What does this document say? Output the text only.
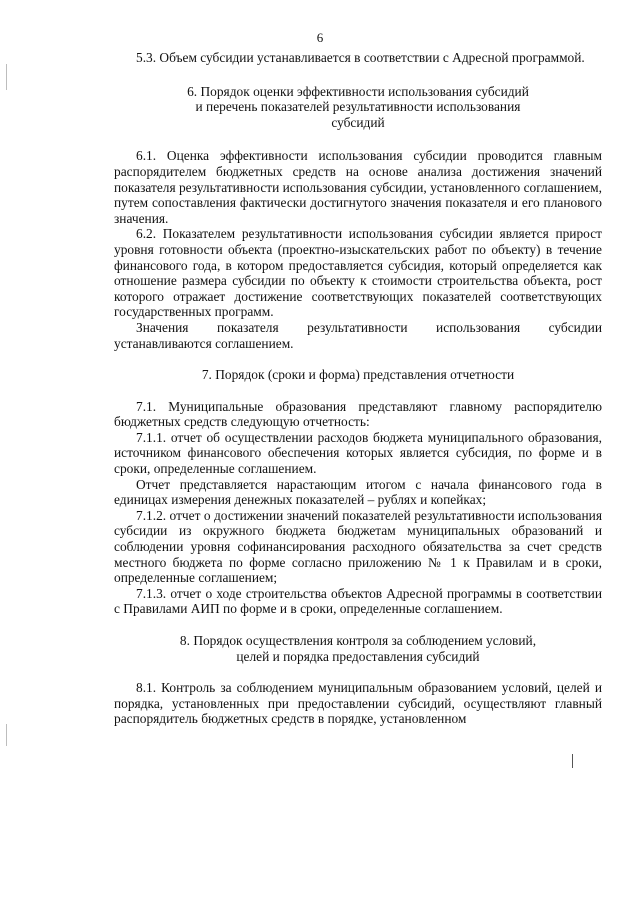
6

5.3. Объем субсидии устанавливается в соответствии с Адресной программой.

6. Порядок оценки эффективности использования субсидий
и перечень показателей результативности использования
субсидий

6.1. Оценка эффективности использования субсидии проводится главным распорядителем бюджетных средств на основе анализа достижения значений показателя результативности использования субсидии, установленного соглашением, путем сопоставления фактически достигнутого значения показателя и его планового значения.

6.2. Показателем результативности использования субсидии является прирост уровня готовности объекта (проектно-изыскательских работ по объекту) в течение финансового года, в котором предоставляется субсидия, который определяется как отношение размера субсидии по объекту к стоимости строительства объекта, рост которого отражает достижение соответствующих показателей соответствующих государственных программ.

Значения показателя результативности использования субсидии устанавливаются соглашением.

7. Порядок (сроки и форма) представления отчетности

7.1. Муниципальные образования представляют главному распорядителю бюджетных средств следующую отчетность:

7.1.1. отчет об осуществлении расходов бюджета муниципального образования, источником финансового обеспечения которых является субсидия, по форме и в сроки, определенные соглашением.

Отчет представляется нарастающим итогом с начала финансового года в единицах измерения денежных показателей – рублях и копейках;

7.1.2. отчет о достижении значений показателей результативности использования субсидии из окружного бюджета бюджетам муниципальных образований и соблюдении уровня софинансирования расходного обязательства за счет средств местного бюджета по форме согласно приложению № 1 к Правилам и в сроки, определенные соглашением;

7.1.3. отчет о ходе строительства объектов Адресной программы в соответствии с Правилами АИП по форме и в сроки, определенные соглашением.

8. Порядок осуществления контроля за соблюдением условий,
целей и порядка предоставления субсидий

8.1. Контроль за соблюдением муниципальным образованием условий, целей и порядка, установленных при предоставлении субсидий, осуществляют главный распорядитель бюджетных средств в порядке, установленном
